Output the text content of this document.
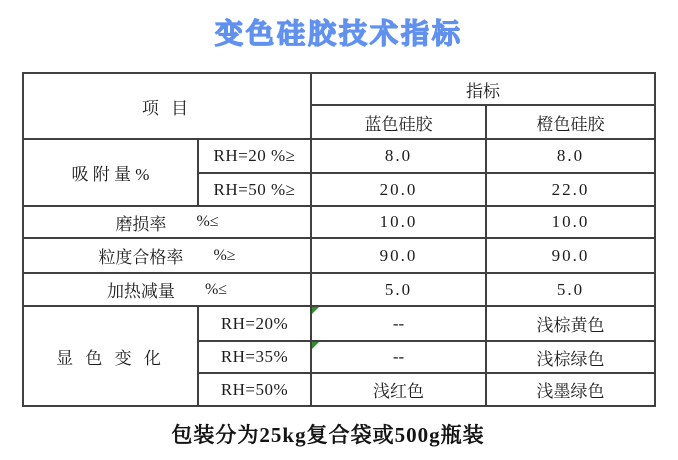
变色硅胶技术指标
项 目		指标	
		蓝色硅胶	橙色硅胶
吸 附 量 %	RH=20 %≥	8.0	8.0
	RH=50 %≥	20.0	22.0

磨损率 %≤		10.0	10.0

粒度合格率 %≥		90.0	90.0

加热减量 %≤		5.0	5.0
显 色 变 化	RH=20%	--	浅棕黄色
	RH=35%	--	浅棕绿色
	RH=50%	浅红色	浅墨绿色
包装分为25kg复合袋或500g瓶装
